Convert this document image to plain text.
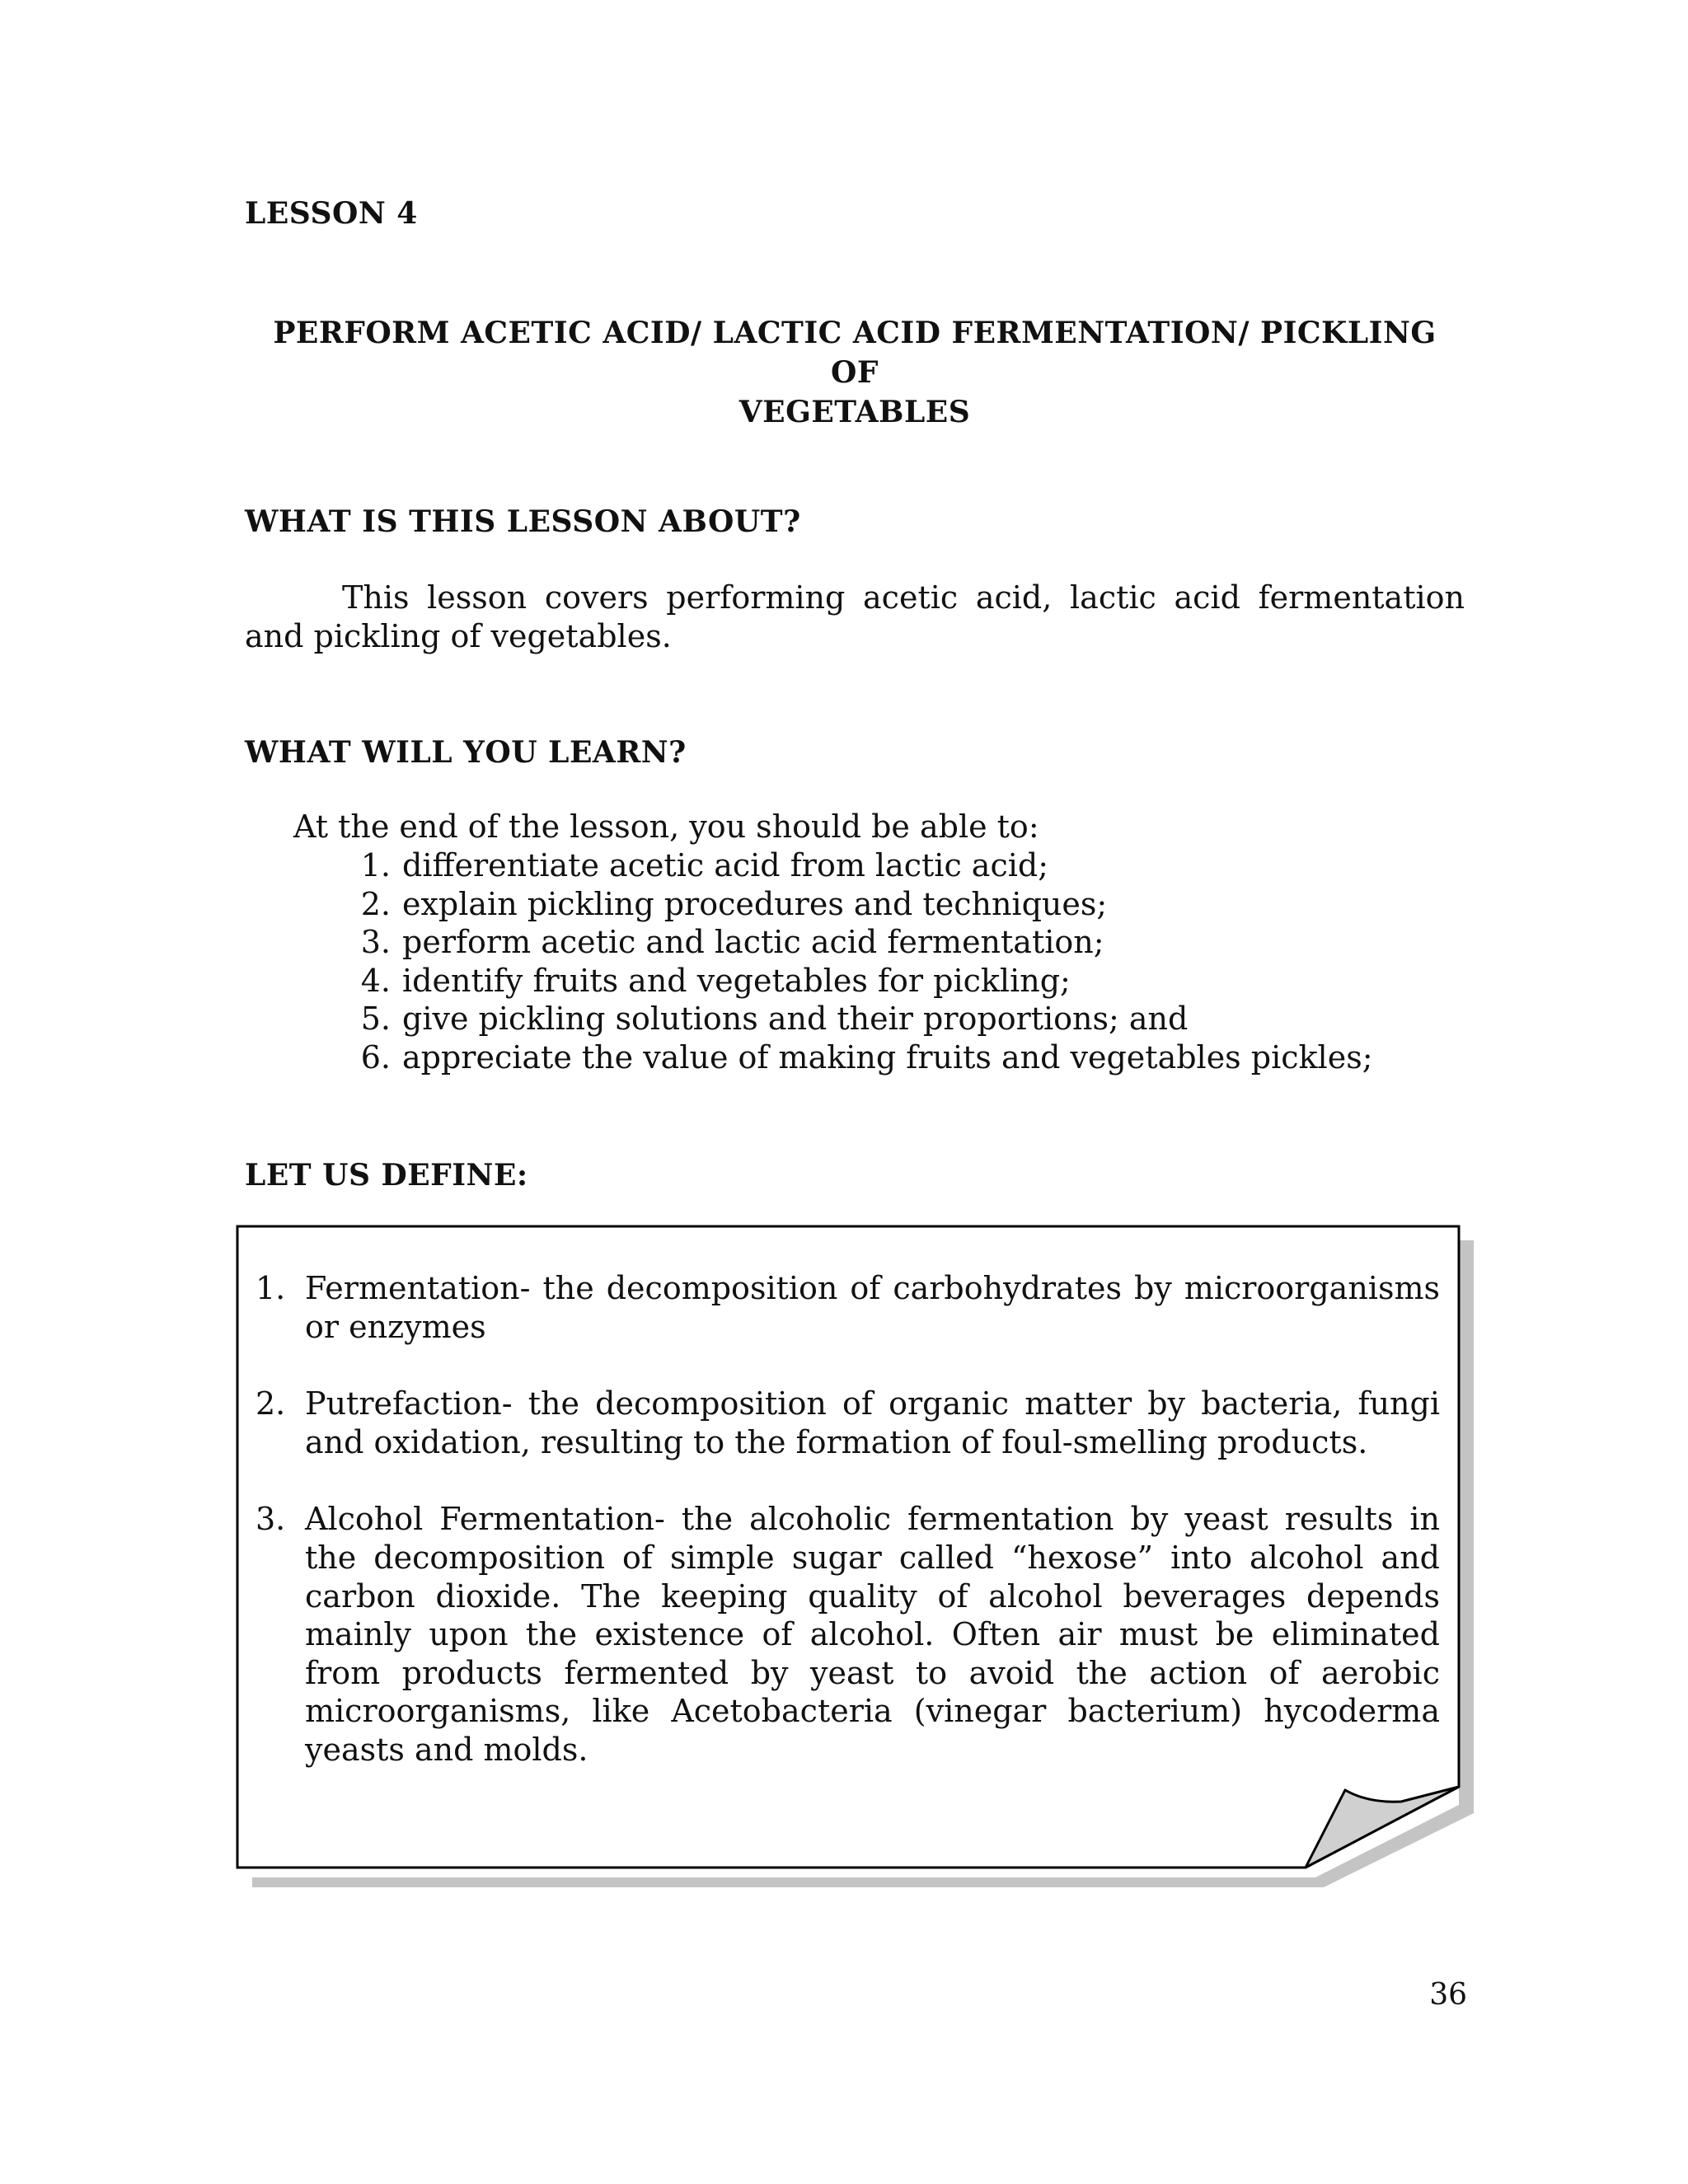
LESSON 4
PERFORM ACETIC ACID/ LACTIC ACID FERMENTATION/ PICKLING OF
VEGETABLES
WHAT IS THIS LESSON ABOUT?

This lesson covers performing acetic acid, lactic acid fermentation and pickling of vegetables.

WHAT WILL YOU LEARN?

At the end of the lesson, you should be able to:

1. differentiate acetic acid from lactic acid;
2. explain pickling procedures and techniques;
3. perform acetic and lactic acid fermentation;
4. identify fruits and vegetables for pickling;
5. give pickling solutions and their proportions; and
6. appreciate the value of making fruits and vegetables pickles;
LET US DEFINE:
1. Fermentation- the decomposition of carbohydrates by microorganisms or enzymes
2. Putrefaction- the decomposition of organic matter by bacteria, fungi and oxidation, resulting to the formation of foul-smelling products.
3. Alcohol Fermentation- the alcoholic fermentation by yeast results in the decomposition of simple sugar called “hexose” into alcohol and carbon dioxide. The keeping quality of alcohol beverages depends mainly upon the existence of alcohol. Often air must be eliminated from products fermented by yeast to avoid the action of aerobic microorganisms, like Acetobacteria (vinegar bacterium) hycoderma yeasts and molds.

36
